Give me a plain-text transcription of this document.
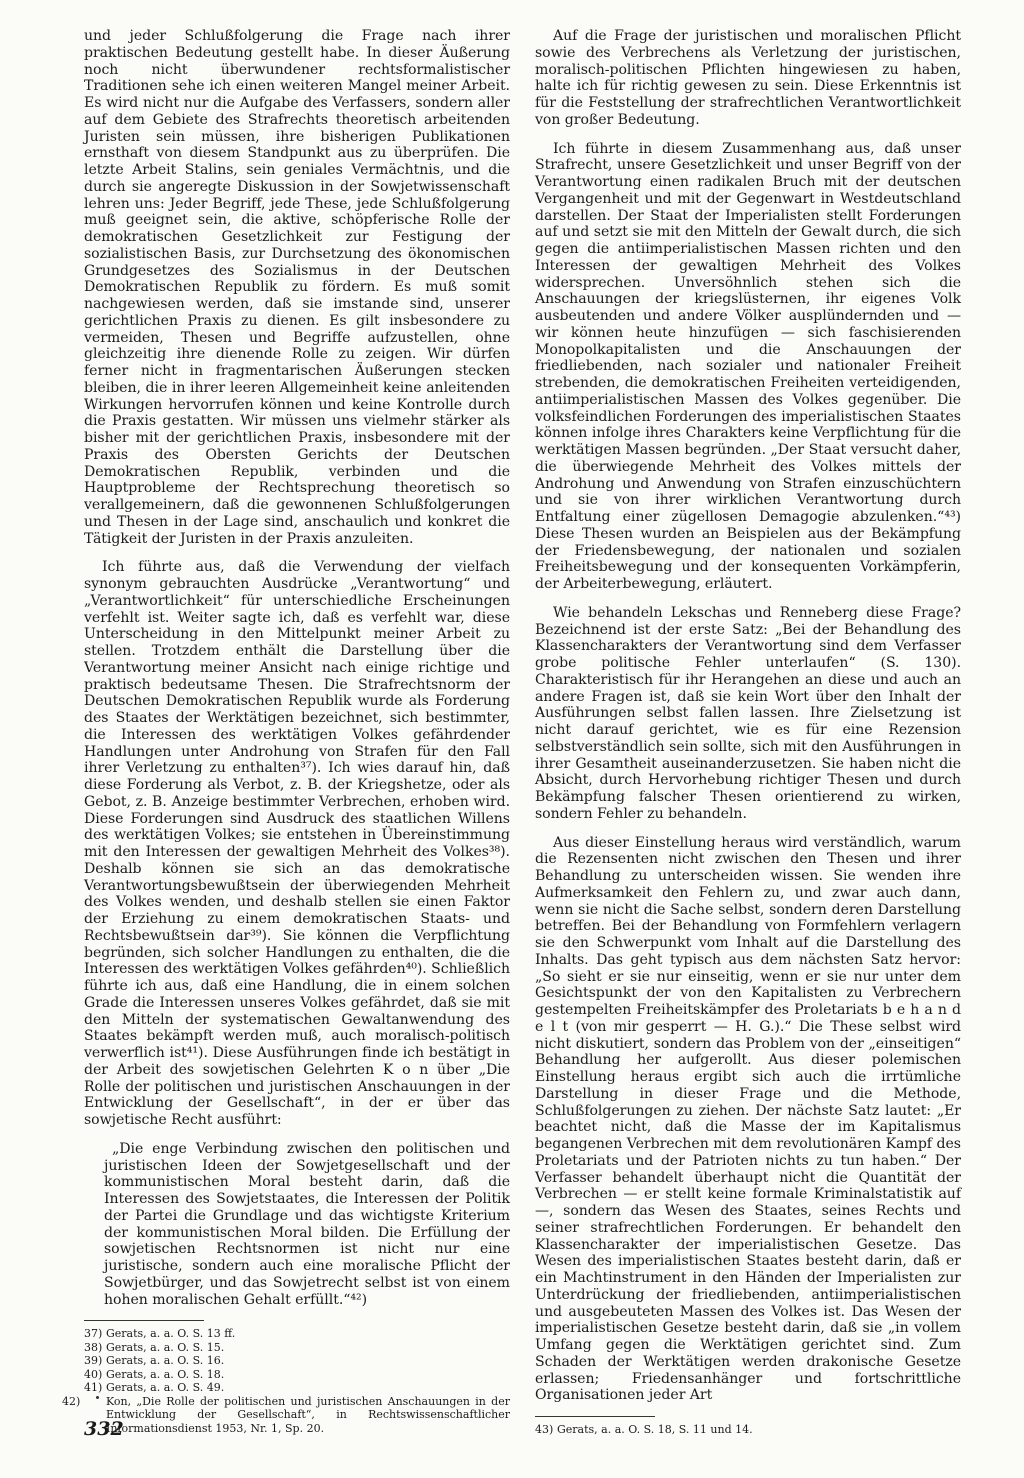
und jeder Schlußfolgerung die Frage nach ihrer praktischen Bedeutung gestellt habe. In dieser Äußerung noch nicht überwundener rechtsformalistischer Traditionen sehe ich einen weiteren Mangel meiner Arbeit. Es wird nicht nur die Aufgabe des Verfassers, sondern aller auf dem Gebiete des Strafrechts theoretisch arbeitenden Juristen sein müssen, ihre bisherigen Publikationen ernsthaft von diesem Standpunkt aus zu überprüfen. Die letzte Arbeit Stalins, sein geniales Vermächtnis, und die durch sie angeregte Diskussion in der Sowjetwissenschaft lehren uns: Jeder Begriff, jede These, jede Schlußfolgerung muß geeignet sein, die aktive, schöpferische Rolle der demokratischen Gesetzlichkeit zur Festigung der sozialistischen Basis, zur Durchsetzung des ökonomischen Grundgesetzes des Sozialismus in der Deutschen Demokratischen Republik zu fördern. Es muß somit nachgewiesen werden, daß sie imstande sind, unserer gerichtlichen Praxis zu dienen. Es gilt insbesondere zu vermeiden, Thesen und Begriffe aufzustellen, ohne gleichzeitig ihre dienende Rolle zu zeigen. Wir dürfen ferner nicht in fragmentarischen Äußerungen stecken bleiben, die in ihrer leeren Allgemeinheit keine anleitenden Wirkungen hervorrufen können und keine Kontrolle durch die Praxis gestatten. Wir müssen uns vielmehr stärker als bisher mit der gerichtlichen Praxis, insbesondere mit der Praxis des Obersten Gerichts der Deutschen Demokratischen Republik, verbinden und die Hauptprobleme der Rechtsprechung theoretisch so verallgemeinern, daß die gewonnenen Schlußfolgerungen und Thesen in der Lage sind, anschaulich und konkret die Tätigkeit der Juristen in der Praxis anzuleiten.

Ich führte aus, daß die Verwendung der vielfach synonym gebrauchten Ausdrücke „Verantwortung“ und „Verantwortlichkeit“ für unterschiedliche Erscheinungen verfehlt ist. Weiter sagte ich, daß es verfehlt war, diese Unterscheidung in den Mittelpunkt meiner Arbeit zu stellen. Trotzdem enthält die Darstellung über die Verantwortung meiner Ansicht nach einige richtige und praktisch bedeutsame Thesen. Die Strafrechtsnorm der Deutschen Demokratischen Republik wurde als Forderung des Staates der Werktätigen bezeichnet, sich bestimmter, die Interessen des werktätigen Volkes gefährdender Handlungen unter Androhung von Strafen für den Fall ihrer Verletzung zu enthalten³⁷). Ich wies darauf hin, daß diese Forderung als Verbot, z. B. der Kriegshetze, oder als Gebot, z. B. Anzeige bestimmter Verbrechen, erhoben wird. Diese Forderungen sind Ausdruck des staatlichen Willens des werktätigen Volkes; sie entstehen in Übereinstimmung mit den Interessen der gewaltigen Mehrheit des Volkes³⁸). Deshalb können sie sich an das demokratische Verantwortungsbewußtsein der überwiegenden Mehrheit des Volkes wenden, und deshalb stellen sie einen Faktor der Erziehung zu einem demokratischen Staats- und Rechtsbewußtsein dar³⁹). Sie können die Verpflichtung begründen, sich solcher Handlungen zu enthalten, die die Interessen des werktätigen Volkes gefährden⁴⁰). Schließlich führte ich aus, daß eine Handlung, die in einem solchen Grade die Interessen unseres Volkes gefährdet, daß sie mit den Mitteln der systematischen Gewaltanwendung des Staates bekämpft werden muß, auch moralisch-politisch verwerflich ist⁴¹). Diese Ausführungen finde ich bestätigt in der Arbeit des sowjetischen Gelehrten K o n über „Die Rolle der politischen und juristischen Anschauungen in der Entwicklung der Gesellschaft“, in der er über das sowjetische Recht ausführt:

„Die enge Verbindung zwischen den politischen und juristischen Ideen der Sowjetgesellschaft und der kommunistischen Moral besteht darin, daß die Interessen des Sowjetstaates, die Interessen der Politik der Partei die Grundlage und das wichtigste Kriterium der kommunistischen Moral bilden. Die Erfüllung der sowjetischen Rechtsnormen ist nicht nur eine juristische, sondern auch eine moralische Pflicht der Sowjetbürger, und das Sowjetrecht selbst ist von einem hohen moralischen Gehalt erfüllt.“⁴²)

37) Gerats, a. a. O. S. 13 ff.
38) Gerats, a. a. O. S. 15.
39) Gerats, a. a. O. S. 16.
40) Gerats, a. a. O. S. 18.
41) Gerats, a. a. O. S. 49.
42) Kon, „Die Rolle der politischen und juristischen Anschauungen in der Entwicklung der Gesellschaft“, in Rechtswissenschaftlicher Informationsdienst 1953, Nr. 1, Sp. 20.

Auf die Frage der juristischen und moralischen Pflicht sowie des Verbrechens als Verletzung der juristischen, moralisch-politischen Pflichten hingewiesen zu haben, halte ich für richtig gewesen zu sein. Diese Erkenntnis ist für die Feststellung der strafrechtlichen Verantwortlichkeit von großer Bedeutung.

Ich führte in diesem Zusammenhang aus, daß unser Strafrecht, unsere Gesetzlichkeit und unser Begriff von der Verantwortung einen radikalen Bruch mit der deutschen Vergangenheit und mit der Gegenwart in Westdeutschland darstellen. Der Staat der Imperialisten stellt Forderungen auf und setzt sie mit den Mitteln der Gewalt durch, die sich gegen die antiimperialistischen Massen richten und den Interessen der gewaltigen Mehrheit des Volkes widersprechen. Unversöhnlich stehen sich die Anschauungen der kriegslüsternen, ihr eigenes Volk ausbeutenden und andere Völker ausplündernden und — wir können heute hinzufügen — sich faschisierenden Monopolkapitalisten und die Anschauungen der friedliebenden, nach sozialer und nationaler Freiheit strebenden, die demokratischen Freiheiten verteidigenden, antiimperialistischen Massen des Volkes gegenüber. Die volksfeindlichen Forderungen des imperialistischen Staates können infolge ihres Charakters keine Verpflichtung für die werktätigen Massen begründen. „Der Staat versucht daher, die überwiegende Mehrheit des Volkes mittels der Androhung und Anwendung von Strafen einzuschüchtern und sie von ihrer wirklichen Verantwortung durch Entfaltung einer zügellosen Demagogie abzulenken.“⁴³) Diese Thesen wurden an Beispielen aus der Bekämpfung der Friedensbewegung, der nationalen und sozialen Freiheitsbewegung und der konsequenten Vorkämpferin, der Arbeiterbewegung, erläutert.

Wie behandeln Lekschas und Renneberg diese Frage? Bezeichnend ist der erste Satz: „Bei der Behandlung des Klassencharakters der Verantwortung sind dem Verfasser grobe politische Fehler unterlaufen“ (S. 130). Charakteristisch für ihr Herangehen an diese und auch an andere Fragen ist, daß sie kein Wort über den Inhalt der Ausführungen selbst fallen lassen. Ihre Zielsetzung ist nicht darauf gerichtet, wie es für eine Rezension selbstverständlich sein sollte, sich mit den Ausführungen in ihrer Gesamtheit auseinanderzusetzen. Sie haben nicht die Absicht, durch Hervorhebung richtiger Thesen und durch Bekämpfung falscher Thesen orientierend zu wirken, sondern Fehler zu behandeln.

Aus dieser Einstellung heraus wird verständlich, warum die Rezensenten nicht zwischen den Thesen und ihrer Behandlung zu unterscheiden wissen. Sie wenden ihre Aufmerksamkeit den Fehlern zu, und zwar auch dann, wenn sie nicht die Sache selbst, sondern deren Darstellung betreffen. Bei der Behandlung von Formfehlern verlagern sie den Schwerpunkt vom Inhalt auf die Darstellung des Inhalts. Das geht typisch aus dem nächsten Satz hervor: „So sieht er sie nur einseitig, wenn er sie nur unter dem Gesichtspunkt der von den Kapitalisten zu Verbrechern gestempelten Freiheitskämpfer des Proletariats b e h a n d e l t (von mir gesperrt — H. G.).“ Die These selbst wird nicht diskutiert, sondern das Problem von der „einseitigen“ Behandlung her aufgerollt. Aus dieser polemischen Einstellung heraus ergibt sich auch die irrtümliche Darstellung in dieser Frage und die Methode, Schlußfolgerungen zu ziehen. Der nächste Satz lautet: „Er beachtet nicht, daß die Masse der im Kapitalismus begangenen Verbrechen mit dem revolutionären Kampf des Proletariats und der Patrioten nichts zu tun haben.“ Der Verfasser behandelt überhaupt nicht die Quantität der Verbrechen — er stellt keine formale Kriminalstatistik auf —, sondern das Wesen des Staates, seines Rechts und seiner strafrechtlichen Forderungen. Er behandelt den Klassencharakter der imperialistischen Gesetze. Das Wesen des imperialistischen Staates besteht darin, daß er ein Machtinstrument in den Händen der Imperialisten zur Unterdrückung der friedliebenden, antiimperialistischen und ausgebeuteten Massen des Volkes ist. Das Wesen der imperialistischen Gesetze besteht darin, daß sie „in vollem Umfang gegen die Werktätigen gerichtet sind. Zum Schaden der Werktätigen werden drakonische Gesetze erlassen; Friedensanhänger und fortschrittliche Organisationen jeder Art

43) Gerats, a. a. O. S. 18, S. 11 und 14.
332
